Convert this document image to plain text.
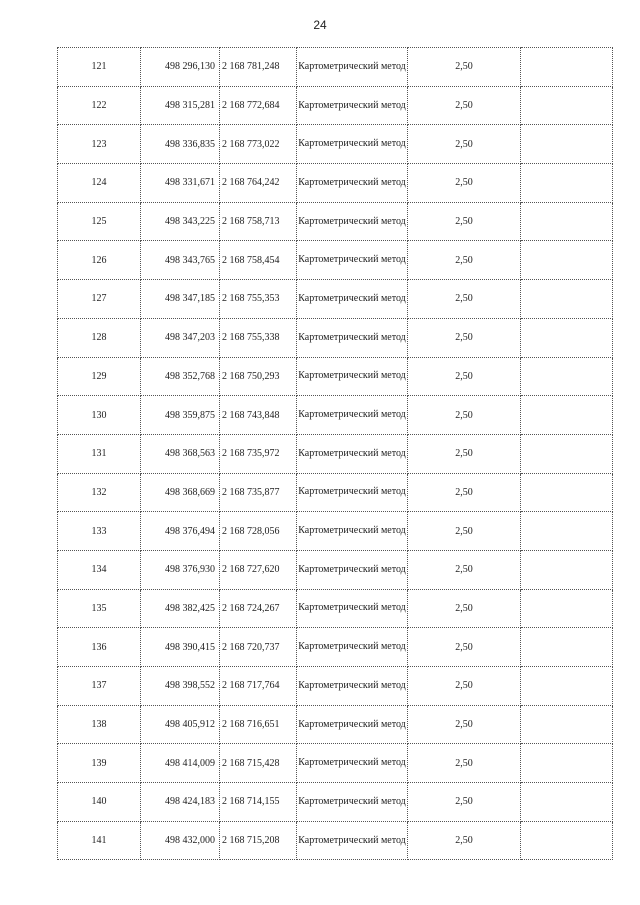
24
121	498 296,130	2 168 781,248	Картометрический метод	2,50	
122	498 315,281	2 168 772,684	Картометрический метод	2,50	
123	498 336,835	2 168 773,022	Картометрический метод	2,50	
124	498 331,671	2 168 764,242	Картометрический метод	2,50	
125	498 343,225	2 168 758,713	Картометрический метод	2,50	
126	498 343,765	2 168 758,454	Картометрический метод	2,50	
127	498 347,185	2 168 755,353	Картометрический метод	2,50	
128	498 347,203	2 168 755,338	Картометрический метод	2,50	
129	498 352,768	2 168 750,293	Картометрический метод	2,50	
130	498 359,875	2 168 743,848	Картометрический метод	2,50	
131	498 368,563	2 168 735,972	Картометрический метод	2,50	
132	498 368,669	2 168 735,877	Картометрический метод	2,50	
133	498 376,494	2 168 728,056	Картометрический метод	2,50	
134	498 376,930	2 168 727,620	Картометрический метод	2,50	
135	498 382,425	2 168 724,267	Картометрический метод	2,50	
136	498 390,415	2 168 720,737	Картометрический метод	2,50	
137	498 398,552	2 168 717,764	Картометрический метод	2,50	
138	498 405,912	2 168 716,651	Картометрический метод	2,50	
139	498 414,009	2 168 715,428	Картометрический метод	2,50	
140	498 424,183	2 168 714,155	Картометрический метод	2,50	
141	498 432,000	2 168 715,208	Картометрический метод	2,50	
